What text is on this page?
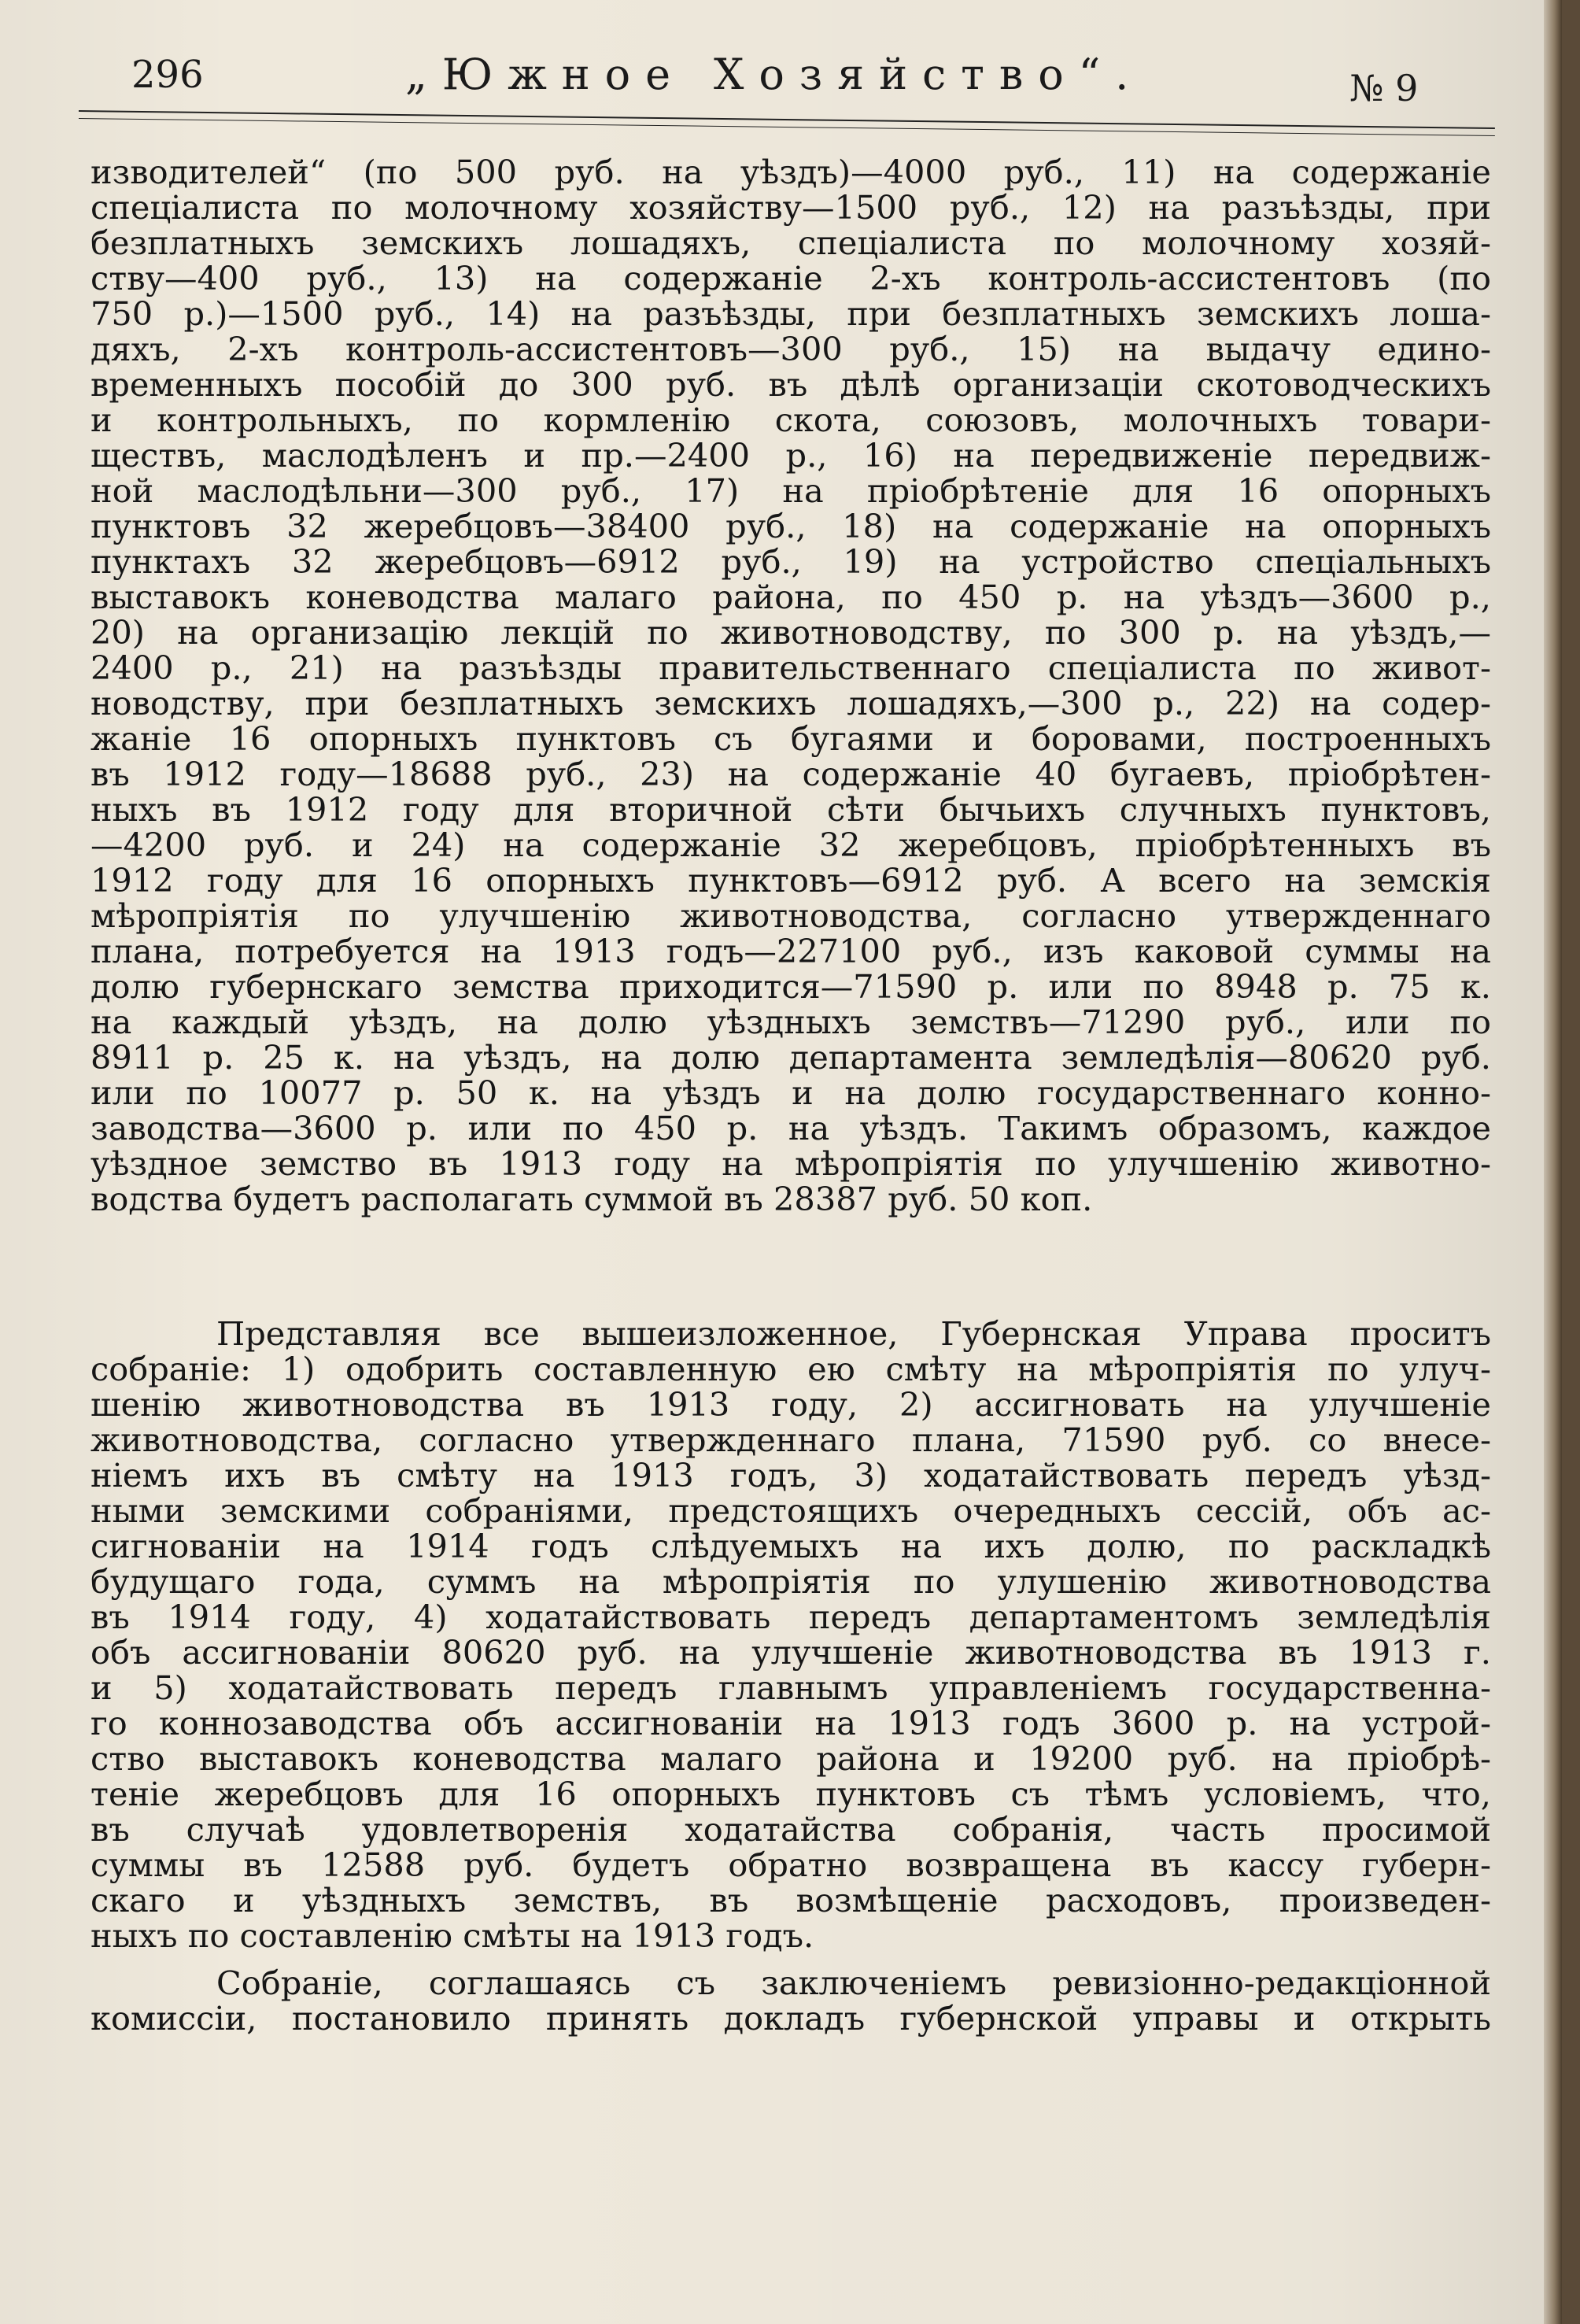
296	„Южное Хозяйство“.	№ 9
изводителей“ (по 500 руб. на уѣздъ)—4000 руб., 11) на содержаніе
спеціалиста по молочному хозяйству—1500 руб., 12) на разъѣзды, при
безплатныхъ земскихъ лошадяхъ, спеціалиста по молочному хозяй-
ству—400 руб., 13) на содержаніе 2-хъ контроль-ассистентовъ (по
750 р.)—1500 руб., 14) на разъѣзды, при безплатныхъ земскихъ лоша-
дяхъ, 2-хъ контроль-ассистентовъ—300 руб., 15) на выдачу едино-
временныхъ пособій до 300 руб. въ дѣлѣ организаціи скотоводческихъ
и контрольныхъ, по кормленію скота, союзовъ, молочныхъ товари-
ществъ, маслодѣленъ и пр.—2400 р., 16) на передвиженіе передвиж-
ной маслодѣльни—300 руб., 17) на пріобрѣтеніе для 16 опорныхъ
пунктовъ 32 жеребцовъ—38400 руб., 18) на содержаніе на опорныхъ
пунктахъ 32 жеребцовъ—6912 руб., 19) на устройство спеціальныхъ
выставокъ коневодства малаго района, по 450 р. на уѣздъ—3600 р.,
20) на организацію лекцій по животноводству, по 300 р. на уѣздъ,—
2400 р., 21) на разъѣзды правительственнаго спеціалиста по живот-
новодству, при безплатныхъ земскихъ лошадяхъ,—300 р., 22) на содер-
жаніе 16 опорныхъ пунктовъ съ бугаями и боровами, построенныхъ
въ 1912 году—18688 руб., 23) на содержаніе 40 бугаевъ, пріобрѣтен-
ныхъ въ 1912 году для вторичной сѣти бычьихъ случныхъ пунктовъ,
—4200 руб. и 24) на содержаніе 32 жеребцовъ, пріобрѣтенныхъ въ
1912 году для 16 опорныхъ пунктовъ—6912 руб. А всего на земскія
мѣропріятія по улучшенію животноводства, согласно утвержденнаго
плана, потребуется на 1913 годъ—227100 руб., изъ каковой суммы на
долю губернскаго земства приходится—71590 р. или по 8948 р. 75 к.
на каждый уѣздъ, на долю уѣздныхъ земствъ—71290 руб., или по
8911 р. 25 к. на уѣздъ, на долю департамента земледѣлія—80620 руб.
или по 10077 р. 50 к. на уѣздъ и на долю государственнаго конно-
заводства—3600 р. или по 450 р. на уѣздъ. Такимъ образомъ, каждое
уѣздное земство въ 1913 году на мѣропріятія по улучшенію животно-
водства будетъ располагать суммой въ 28387 руб. 50 коп.
Представляя все вышеизложенное, Губернская Управа проситъ
собраніе: 1) одобрить составленную ею смѣту на мѣропріятія по улуч-
шенію животноводства въ 1913 году, 2) ассигновать на улучшеніе
животноводства, согласно утвержденнаго плана, 71590 руб. со внесе-
ніемъ ихъ въ смѣту на 1913 годъ, 3) ходатайствовать передъ уѣзд-
ными земскими собраніями, предстоящихъ очередныхъ сессій, объ ас-
сигнованіи на 1914 годъ слѣдуемыхъ на ихъ долю, по раскладкѣ
будущаго года, суммъ на мѣропріятія по улушенію животноводства
въ 1914 году, 4) ходатайствовать передъ департаментомъ земледѣлія
объ ассигнованіи 80620 руб. на улучшеніе животноводства въ 1913 г.
и 5) ходатайствовать передъ главнымъ управленіемъ государственна-
го коннозаводства объ ассигнованіи на 1913 годъ 3600 р. на устрой-
ство выставокъ коневодства малаго района и 19200 руб. на пріобрѣ-
теніе жеребцовъ для 16 опорныхъ пунктовъ съ тѣмъ условіемъ, что,
въ случаѣ удовлетворенія ходатайства собранія, часть просимой
суммы въ 12588 руб. будетъ обратно возвращена въ кассу губерн-
скаго и уѣздныхъ земствъ, въ возмѣщеніе расходовъ, произведен-
ныхъ по составленію смѣты на 1913 годъ.
Собраніе, соглашаясь съ заключеніемъ ревизіонно-редакціонной
комиссіи, постановило принять докладъ губернской управы и открыть
